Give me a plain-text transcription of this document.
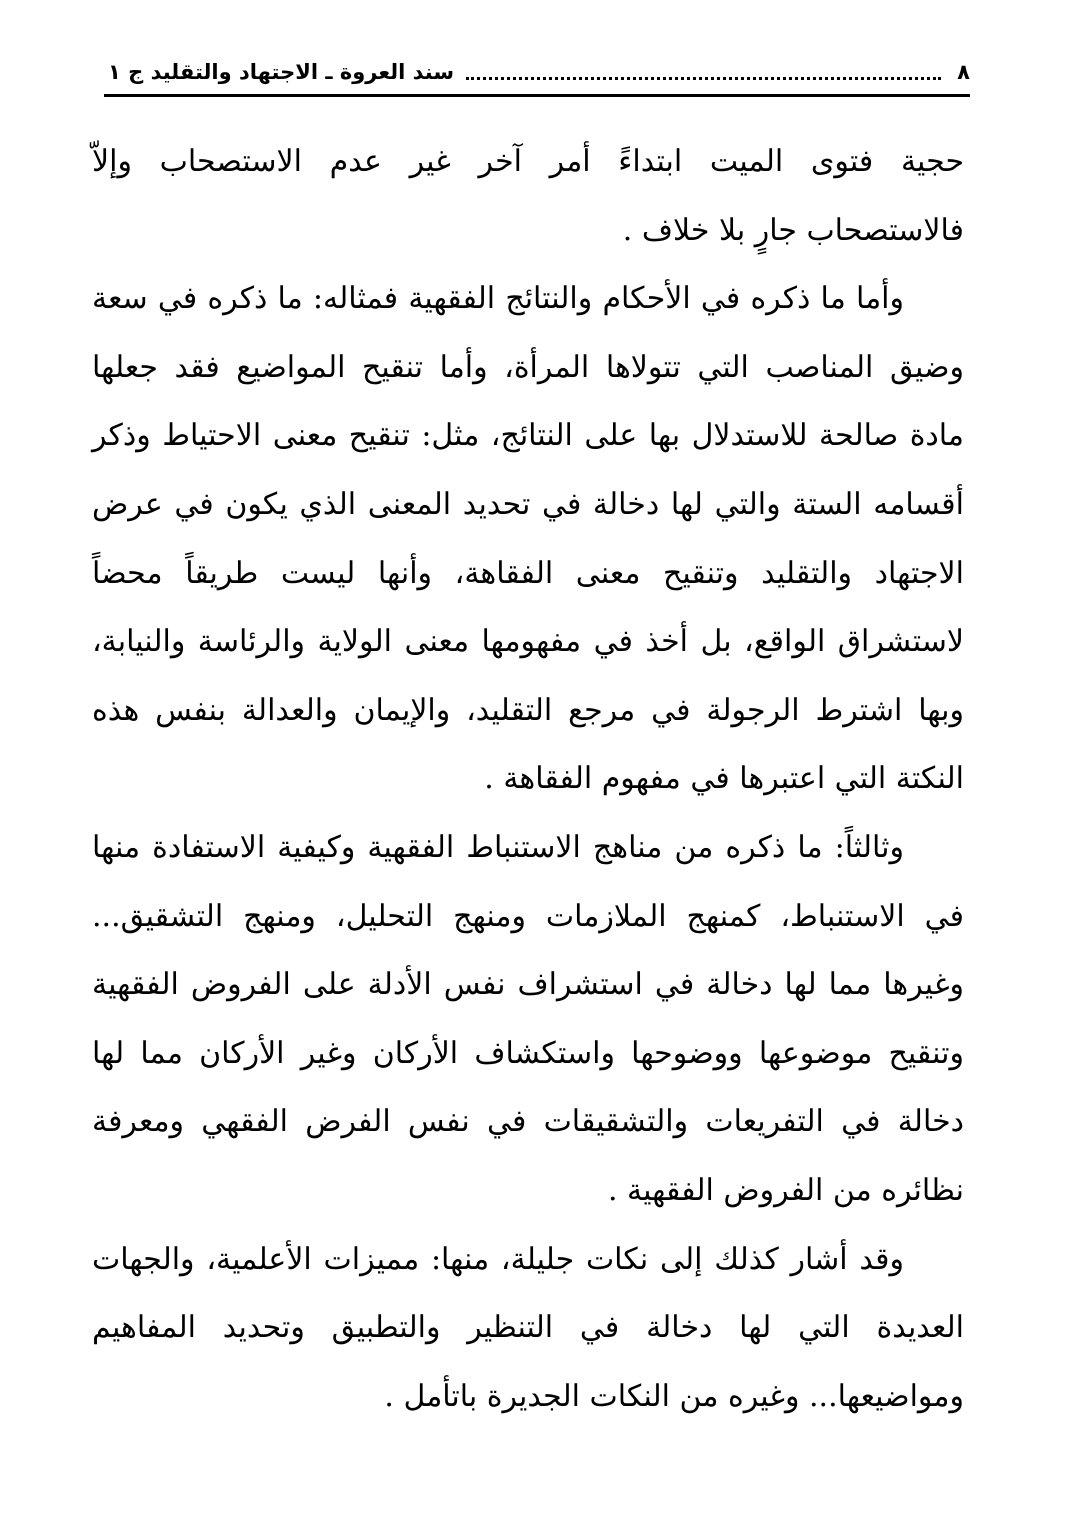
٨
سند العروة ـ الاجتهاد والتقليد ج ١

حجية فتوى الميت ابتداءً أمر آخر غير عدم الاستصحاب وإلاّ فالاستصحاب جارٍ بلا خلاف .

وأما ما ذكره في الأحكام والنتائج الفقهية فمثاله: ما ذكره في سعة وضيق المناصب التي تتولاها المرأة، وأما تنقيح المواضيع فقد جعلها مادة صالحة للاستدلال بها على النتائج، مثل: تنقيح معنى الاحتياط وذكر أقسامه الستة والتي لها دخالة في تحديد المعنى الذي يكون في عرض الاجتهاد والتقليد وتنقيح معنى الفقاهة، وأنها ليست طريقاً محضاً لاستشراق الواقع، بل أخذ في مفهومها معنى الولاية والرئاسة والنيابة، وبها اشترط الرجولة في مرجع التقليد، والإيمان والعدالة بنفس هذه النكتة التي اعتبرها في مفهوم الفقاهة .

وثالثاً: ما ذكره من مناهج الاستنباط الفقهية وكيفية الاستفادة منها في الاستنباط، كمنهج الملازمات ومنهج التحليل، ومنهج التشقيق... وغيرها مما لها دخالة في استشراف نفس الأدلة على الفروض الفقهية وتنقيح موضوعها ووضوحها واستكشاف الأركان وغير الأركان مما لها دخالة في التفريعات والتشقيقات في نفس الفرض الفقهي ومعرفة نظائره من الفروض الفقهية .

وقد أشار كذلك إلى نكات جليلة، منها: مميزات الأعلمية، والجهات العديدة التي لها دخالة في التنظير والتطبيق وتحديد المفاهيم ومواضيعها... وغيره من النكات الجديرة باتأمل .
